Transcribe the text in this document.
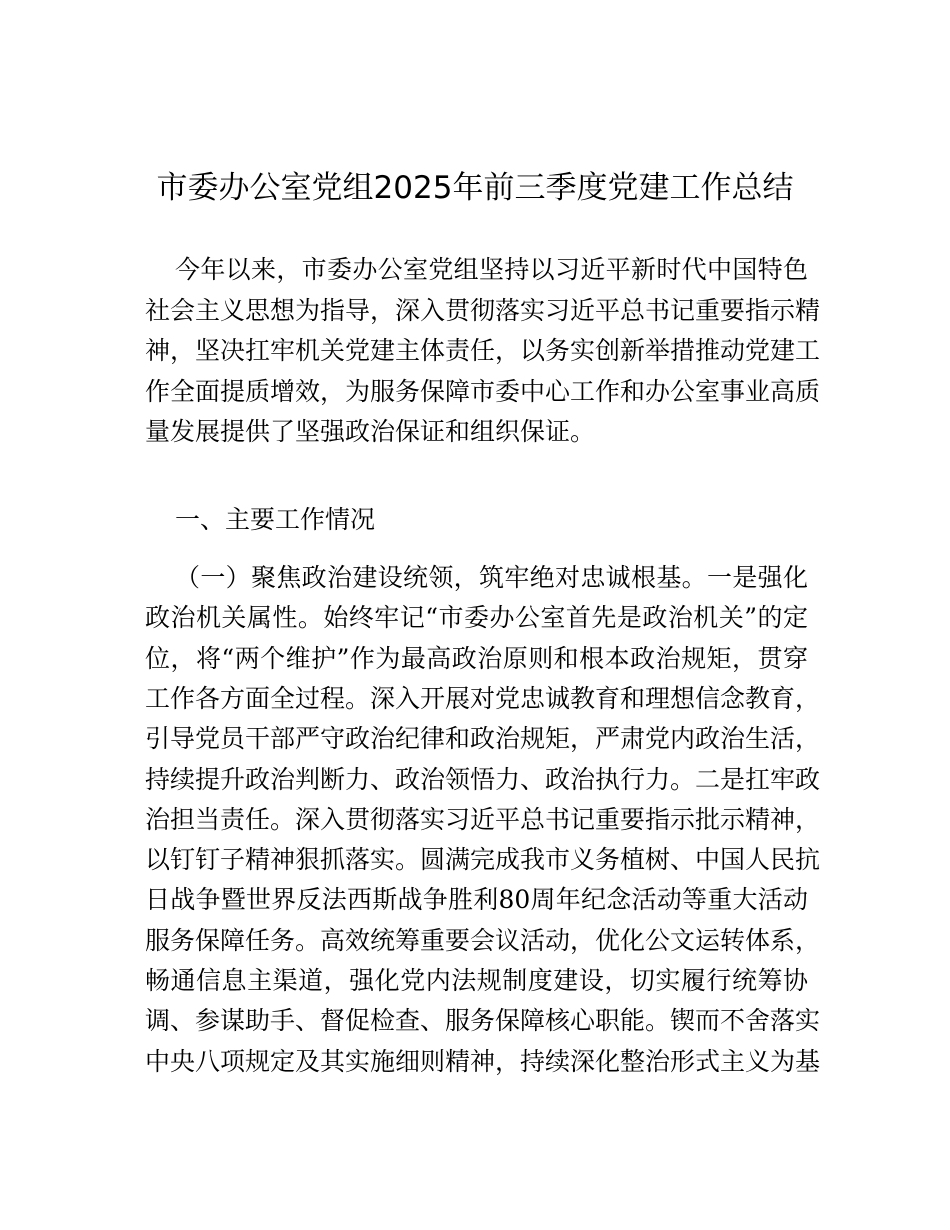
市委办公室党组2025年前三季度党建工作总结
今年以来，市委办公室党组坚持以习近平新时代中国特色
社会主义思想为指导，深入贯彻落实习近平总书记重要指示精
神，坚决扛牢机关党建主体责任，以务实创新举措推动党建工
作全面提质增效，为服务保障市委中心工作和办公室事业高质
量发展提供了坚强政治保证和组织保证。
一、主要工作情况
（一）聚焦政治建设统领，筑牢绝对忠诚根基。一是强化
政治机关属性。始终牢记“市委办公室首先是政治机关”的定
位，将“两个维护”作为最高政治原则和根本政治规矩，贯穿
工作各方面全过程。深入开展对党忠诚教育和理想信念教育，
引导党员干部严守政治纪律和政治规矩，严肃党内政治生活，
持续提升政治判断力、政治领悟力、政治执行力。二是扛牢政
治担当责任。深入贯彻落实习近平总书记重要指示批示精神，
以钉钉子精神狠抓落实。圆满完成我市义务植树、中国人民抗
日战争暨世界反法西斯战争胜利80周年纪念活动等重大活动
服务保障任务。高效统筹重要会议活动，优化公文运转体系，
畅通信息主渠道，强化党内法规制度建设，切实履行统筹协
调、参谋助手、督促检查、服务保障核心职能。锲而不舍落实
中央八项规定及其实施细则精神，持续深化整治形式主义为基
